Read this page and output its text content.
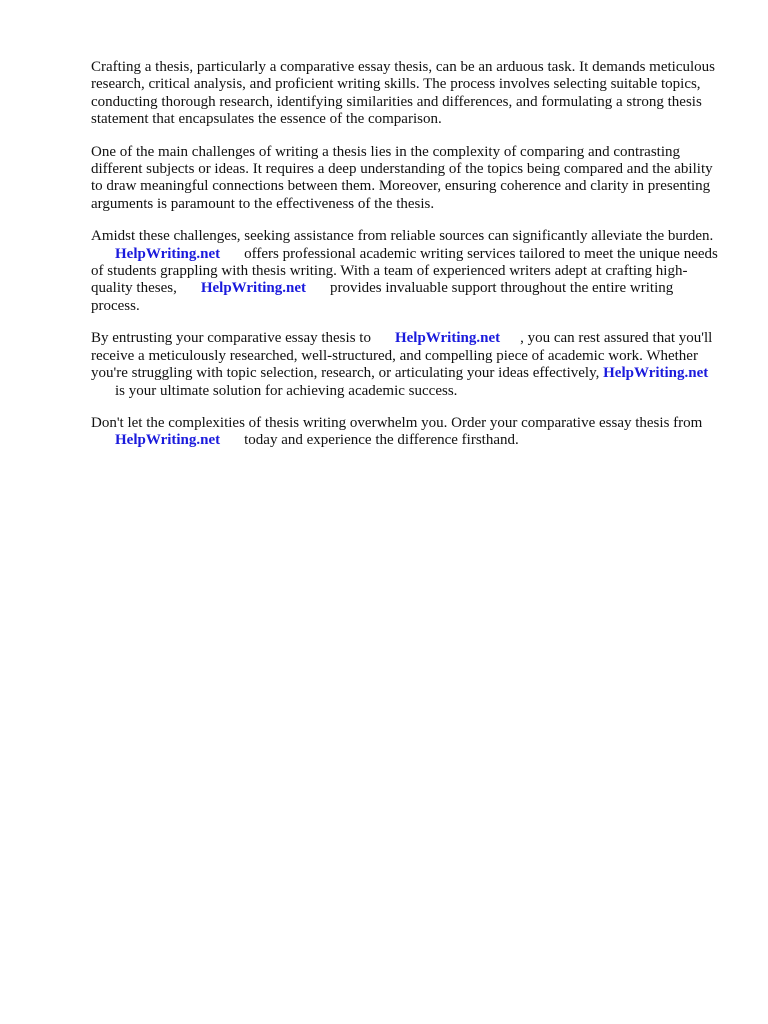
Crafting a thesis, particularly a comparative essay thesis, can be an arduous task. It demands meticulous research, critical analysis, and proficient writing skills. The process involves selecting suitable topics, conducting thorough research, identifying similarities and differences, and formulating a strong thesis statement that encapsulates the essence of the comparison.

One of the main challenges of writing a thesis lies in the complexity of comparing and contrasting different subjects or ideas. It requires a deep understanding of the topics being compared and the ability to draw meaningful connections between them. Moreover, ensuring coherence and clarity in presenting arguments is paramount to the effectiveness of the thesis.

Amidst these challenges, seeking assistance from reliable sources can significantly alleviate the burden.HelpWriting.net offers professional academic writing services tailored to meet the unique needs of students grappling with thesis writing. With a team of experienced writers adept at crafting high-quality theses, HelpWriting.net provides invaluable support throughout the entire writing process.

By entrusting your comparative essay thesis to HelpWriting.net , you can rest assured that you'll receive a meticulously researched, well-structured, and compelling piece of academic work. Whether you're struggling with topic selection, research, or articulating your ideas effectively, HelpWriting.netis your ultimate solution for achieving academic success.

Don't let the complexities of thesis writing overwhelm you. Order your comparative essay thesis fromHelpWriting.net today and experience the difference firsthand.
